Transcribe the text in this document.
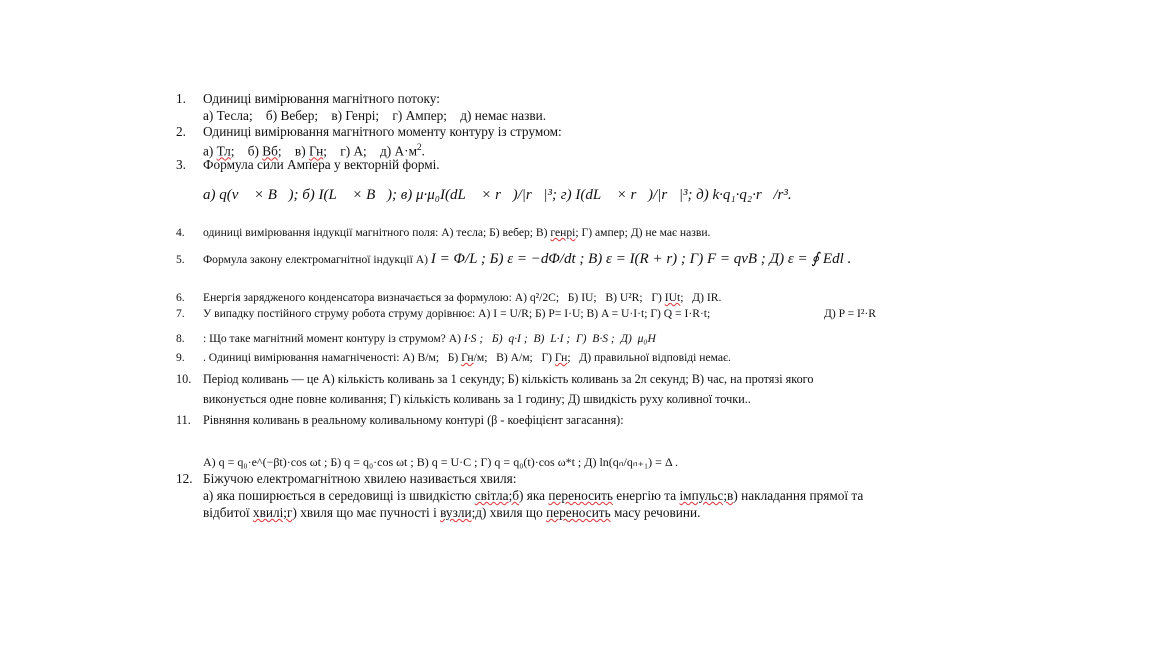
1.	Одиниці вимірювання магнітного потоку:
а) Тесла;    б) Вебер;    в) Генрі;    г) Ампер;    д) немає назви.
2.	Одиниці вимірювання магнітного моменту контуру із струмом:
а) Тл;    б) Вб;    в) Гн;    г) А;    д) $А\cdot м^2$.
3.	Формула сили Ампера у векторній формі.
а) q(v⃗ × B⃗); б) I(L⃗ × B⃗); в) μ·μ₀I(dL⃗ × r⃗)/|r⃗|³; г) I(dL⃗ × r⃗)/|r⃗|³; д) k·q₁·q₂·r⃗/r³.
4.	одиниці вимірювання індукції магнітного поля: А) тесла; Б) вебер; В) генрі; Г) ампер; Д) не має назви.
5.	Формула закону електромагнітної індукції А) I = Φ/L ; Б) ε = −dΦ/dt ; В) ε = I(R + r) ; Г) F = qvB ; Д) ε = ∮ Edl .
6.	Енергія зарядженого конденсатора визначається за формулою: А) q²/2C;   Б) IU;   В) U²R;   Г) IUt;   Д) IR.
7.	У випадку постійного струму робота струму дорівнює: А) I = U/R; Б) P= I·U; В) A = U·I·t; Г) Q = I·R·t;	Д) P = I²·R
8.	: Що таке магнітний момент контуру із струмом? А) I·S ;   Б)  q·I ;  В)  L·I ;  Г)  B·S ;  Д)  μ₀H
9.	. Одиниці вимірювання намагніченості: А) В/м;   Б) Гн/м;   В) А/м;   Г) Гн;   Д) правильної відповіді немає.
10. Період коливань — це А) кількість коливань за 1 секунду; Б) кількість коливань за 2π секунд; В) час, на протязі якого
виконується одне повне коливання; Г) кількість коливань за 1 годину; Д) швидкість руху коливної точки..
11.	Рівняння коливань в реальному коливальному контурі (β - коефіцієнт загасання):
А) q = q₀·e^(−βt)·cos ωt ; Б) q = q₀·cos ωt ; В) q = U·C ; Г) q = q₀(t)·cos ω*t ; Д) ln(qₙ/qₙ₊₁) = Δ .
12. Біжучою електромагнітною хвилею називається хвиля:
а) яка поширюється в середовищі із швидкістю світла;б) яка переносить енергію та імпульс;в) накладання прямої та
відбитої хвилі;г) хвиля що має пучності і вузли;д) хвиля що переносить масу речовини.
